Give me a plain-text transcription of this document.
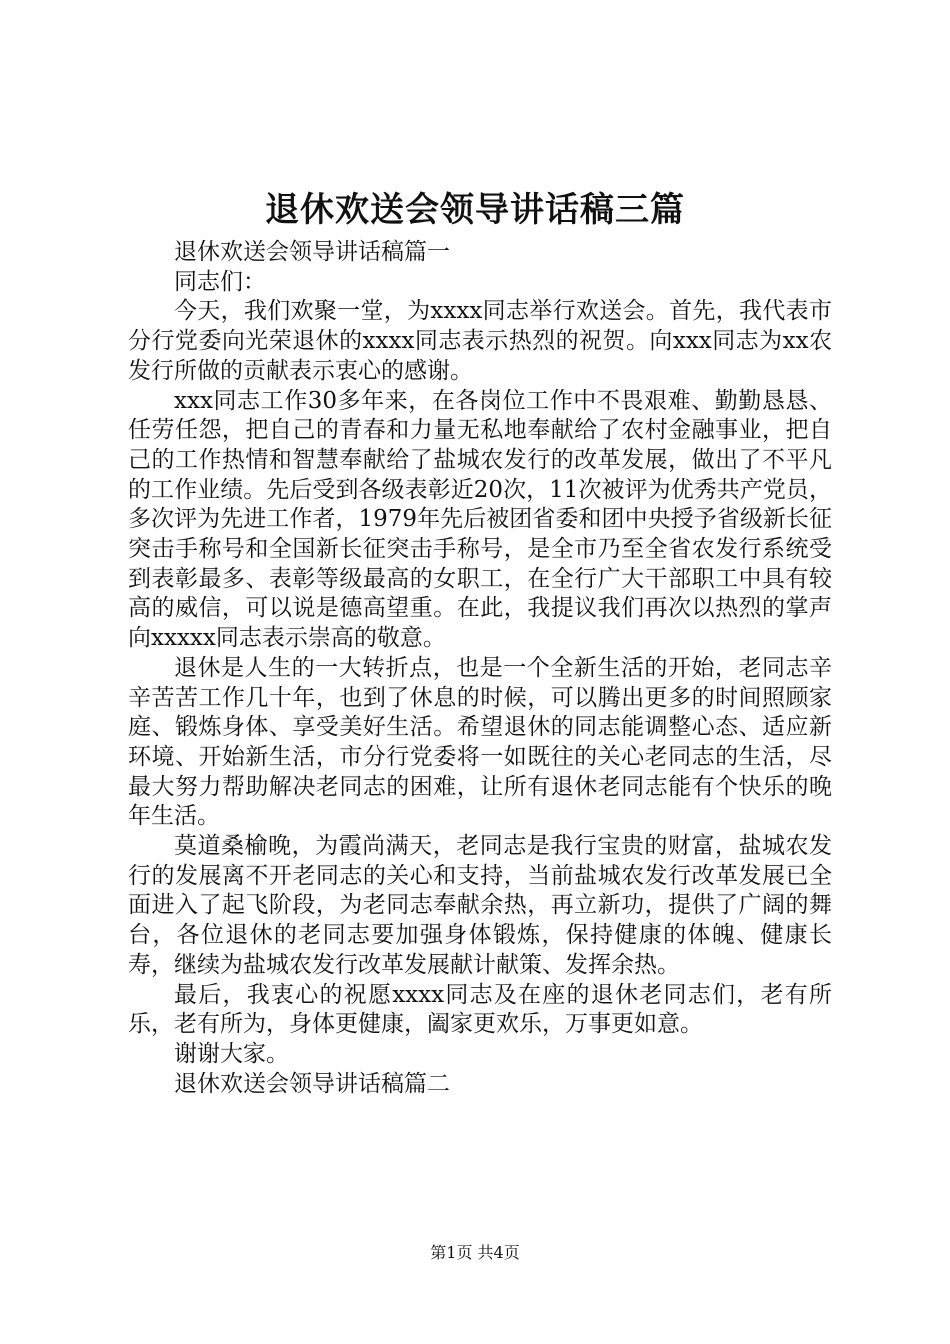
退休欢送会领导讲话稿三篇

退休欢送会领导讲话稿篇一

同志们：

今天，我们欢聚一堂，为xxxx同志举行欢送会。首先，我代表市分行党委向光荣退休的xxxx同志表示热烈的祝贺。向xxx同志为xx农发行所做的贡献表示衷心的感谢。

xxx同志工作30多年来，在各岗位工作中不畏艰难、勤勤恳恳、任劳任怨，把自己的青春和力量无私地奉献给了农村金融事业，把自己的工作热情和智慧奉献给了盐城农发行的改革发展，做出了不平凡的工作业绩。先后受到各级表彰近20次，11次被评为优秀共产党员，多次评为先进工作者，1979年先后被团省委和团中央授予省级新长征突击手称号和全国新长征突击手称号，是全市乃至全省农发行系统受到表彰最多、表彰等级最高的女职工，在全行广大干部职工中具有较高的威信，可以说是德高望重。在此，我提议我们再次以热烈的掌声向xxxxx同志表示崇高的敬意。

退休是人生的一大转折点，也是一个全新生活的开始，老同志辛辛苦苦工作几十年，也到了休息的时候，可以腾出更多的时间照顾家庭、锻炼身体、享受美好生活。希望退休的同志能调整心态、适应新环境、开始新生活，市分行党委将一如既往的关心老同志的生活，尽最大努力帮助解决老同志的困难，让所有退休老同志能有个快乐的晚年生活。

莫道桑榆晚，为霞尚满天，老同志是我行宝贵的财富，盐城农发行的发展离不开老同志的关心和支持，当前盐城农发行改革发展已全面进入了起飞阶段，为老同志奉献余热，再立新功，提供了广阔的舞台，各位退休的老同志要加强身体锻炼，保持健康的体魄、健康长寿，继续为盐城农发行改革发展献计献策、发挥余热。

最后，我衷心的祝愿xxxx同志及在座的退休老同志们，老有所乐，老有所为，身体更健康，阖家更欢乐，万事更如意。

谢谢大家。

退休欢送会领导讲话稿篇二

第1页 共4页
